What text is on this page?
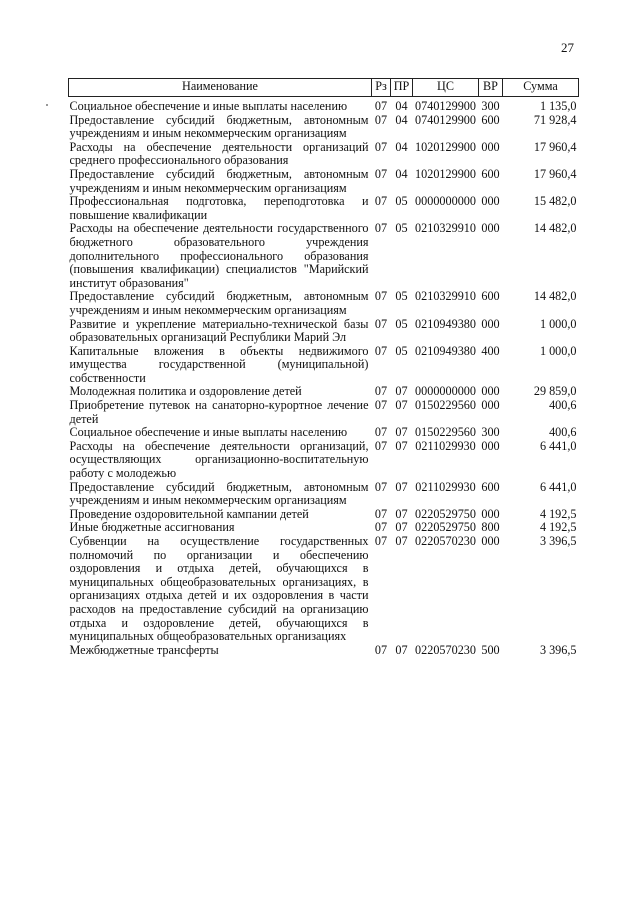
27
Наименование	Рз	ПР	ЦС	ВР	Сумма
Социальное обеспечение и иные выплаты населению	07	04	0740129900	300	1 135,0
Предоставление субсидий бюджетным, автономным учреждениям и иным некоммерческим организациям	07	04	0740129900	600	71 928,4
Расходы на обеспечение деятельности организаций среднего профессионального образования	07	04	1020129900	000	17 960,4
Предоставление субсидий бюджетным, автономным учреждениям и иным некоммерческим организациям	07	04	1020129900	600	17 960,4
Профессиональная подготовка, переподготовка и повышение квалификации	07	05	0000000000	000	15 482,0
Расходы на обеспечение деятельности государственного бюджетного образовательного учреждения дополнительного профессионального образования (повышения квалификации) специалистов "Марийский институт образования"	07	05	0210329910	000	14 482,0
Предоставление субсидий бюджетным, автономным учреждениям и иным некоммерческим организациям	07	05	0210329910	600	14 482,0
Развитие и укрепление материально-технической базы образовательных организаций Республики Марий Эл	07	05	0210949380	000	1 000,0
Капитальные вложения в объекты недвижимого имущества государственной (муниципальной) собственности	07	05	0210949380	400	1 000,0
Молодежная политика и оздоровление детей	07	07	0000000000	000	29 859,0
Приобретение путевок на санаторно-курортное лечение детей	07	07	0150229560	000	400,6
Социальное обеспечение и иные выплаты населению	07	07	0150229560	300	400,6
Расходы на обеспечение деятельности организаций, осуществляющих организационно-воспитательную работу с молодежью	07	07	0211029930	000	6 441,0
Предоставление субсидий бюджетным, автономным учреждениям и иным некоммерческим организациям	07	07	0211029930	600	6 441,0
Проведение оздоровительной кампании детей	07	07	0220529750	000	4 192,5
Иные бюджетные ассигнования	07	07	0220529750	800	4 192,5
Субвенции на осуществление государственных полномочий по организации и обеспечению оздоровления и отдыха детей, обучающихся в муниципальных общеобразовательных организациях, в организациях отдыха детей и их оздоровления в части расходов на предоставление субсидий на организацию отдыха и оздоровление детей, обучающихся в муниципальных общеобразовательных организациях	07	07	0220570230	000	3 396,5
Межбюджетные трансферты	07	07	0220570230	500	3 396,5
